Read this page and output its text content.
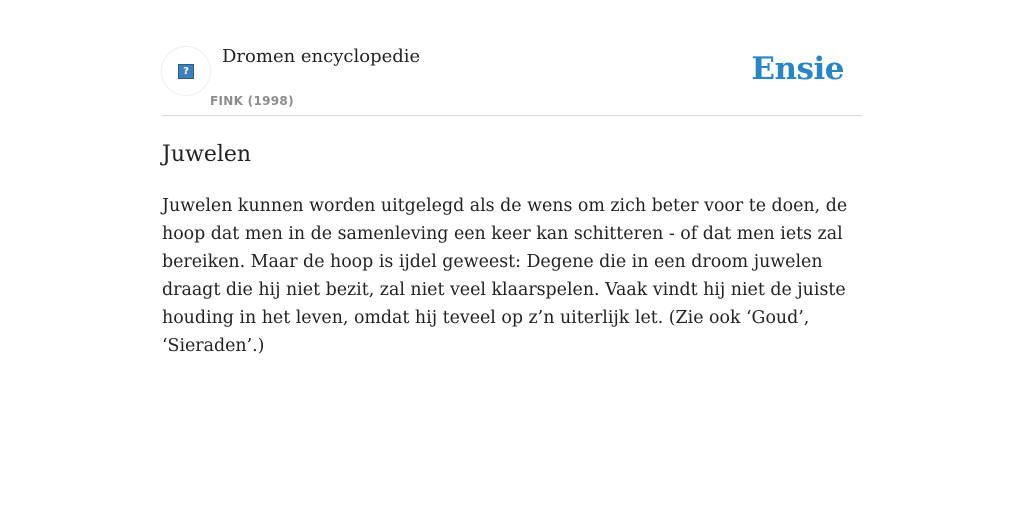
?
Dromen encyclopedie
FINK (1998)
Ensie
Juwelen

Juwelen kunnen worden uitgelegd als de wens om zich beter voor te doen, de hoop dat men in de samenleving een keer kan schitteren - of dat men iets zal bereiken. Maar de hoop is ijdel geweest: Degene die in een droom juwelen draagt die hij niet bezit, zal niet veel klaarspelen. Vaak vindt hij niet de juiste houding in het leven, omdat hij teveel op z’n uiterlijk let. (Zie ook ‘Goud’, ‘Sieraden’.)
